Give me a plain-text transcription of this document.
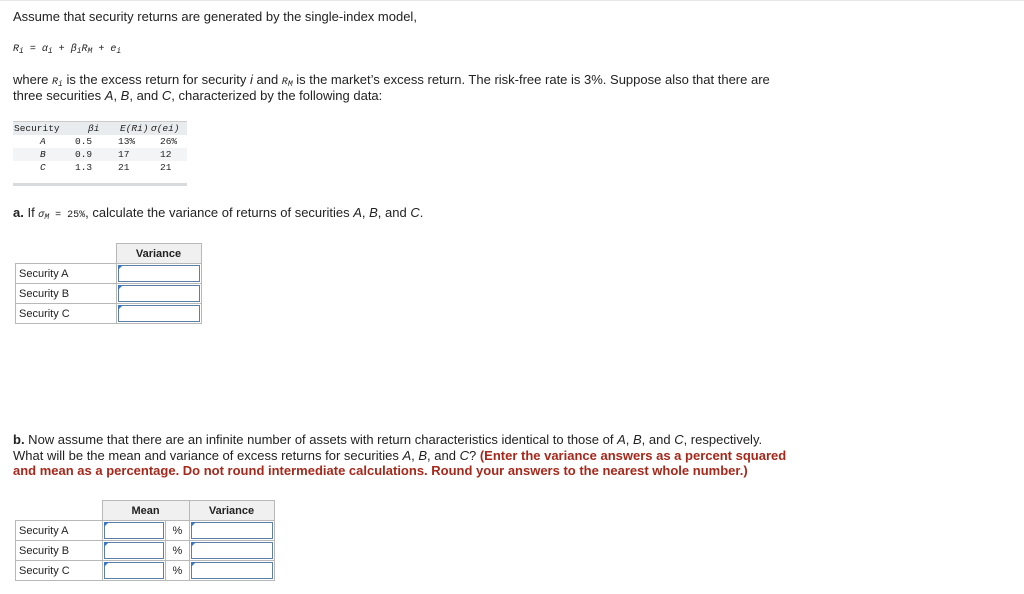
Assume that security returns are generated by the single-index model,
$R_i = \alpha_i + \beta_iR_M + e_i$
where $R_i$ is the excess return for security i and $R_M$ is the market’s excess return. The risk-free rate is 3%. Suppose also that there are
three securities A, B, and C, characterized by the following data:
Security	βi E(Ri) σ(ei)
A	0.5	13%	26%
B	0.9	17	12
C	1.3	21	21
a. If $\sigma_M = 25\%$, calculate the variance of returns of securities A, B, and C.
	Variance
Security A	

Security B	

Security C	
b. Now assume that there are an infinite number of assets with return characteristics identical to those of A, B, and C, respectively.
What will be the mean and variance of excess returns for securities A, B, and C? (Enter the variance answers as a percent squared
and mean as a percentage. Do not round intermediate calculations. Round your answers to the nearest whole number.)
	Mean		Variance
Security A		%	

Security B		%	

Security C		%	
